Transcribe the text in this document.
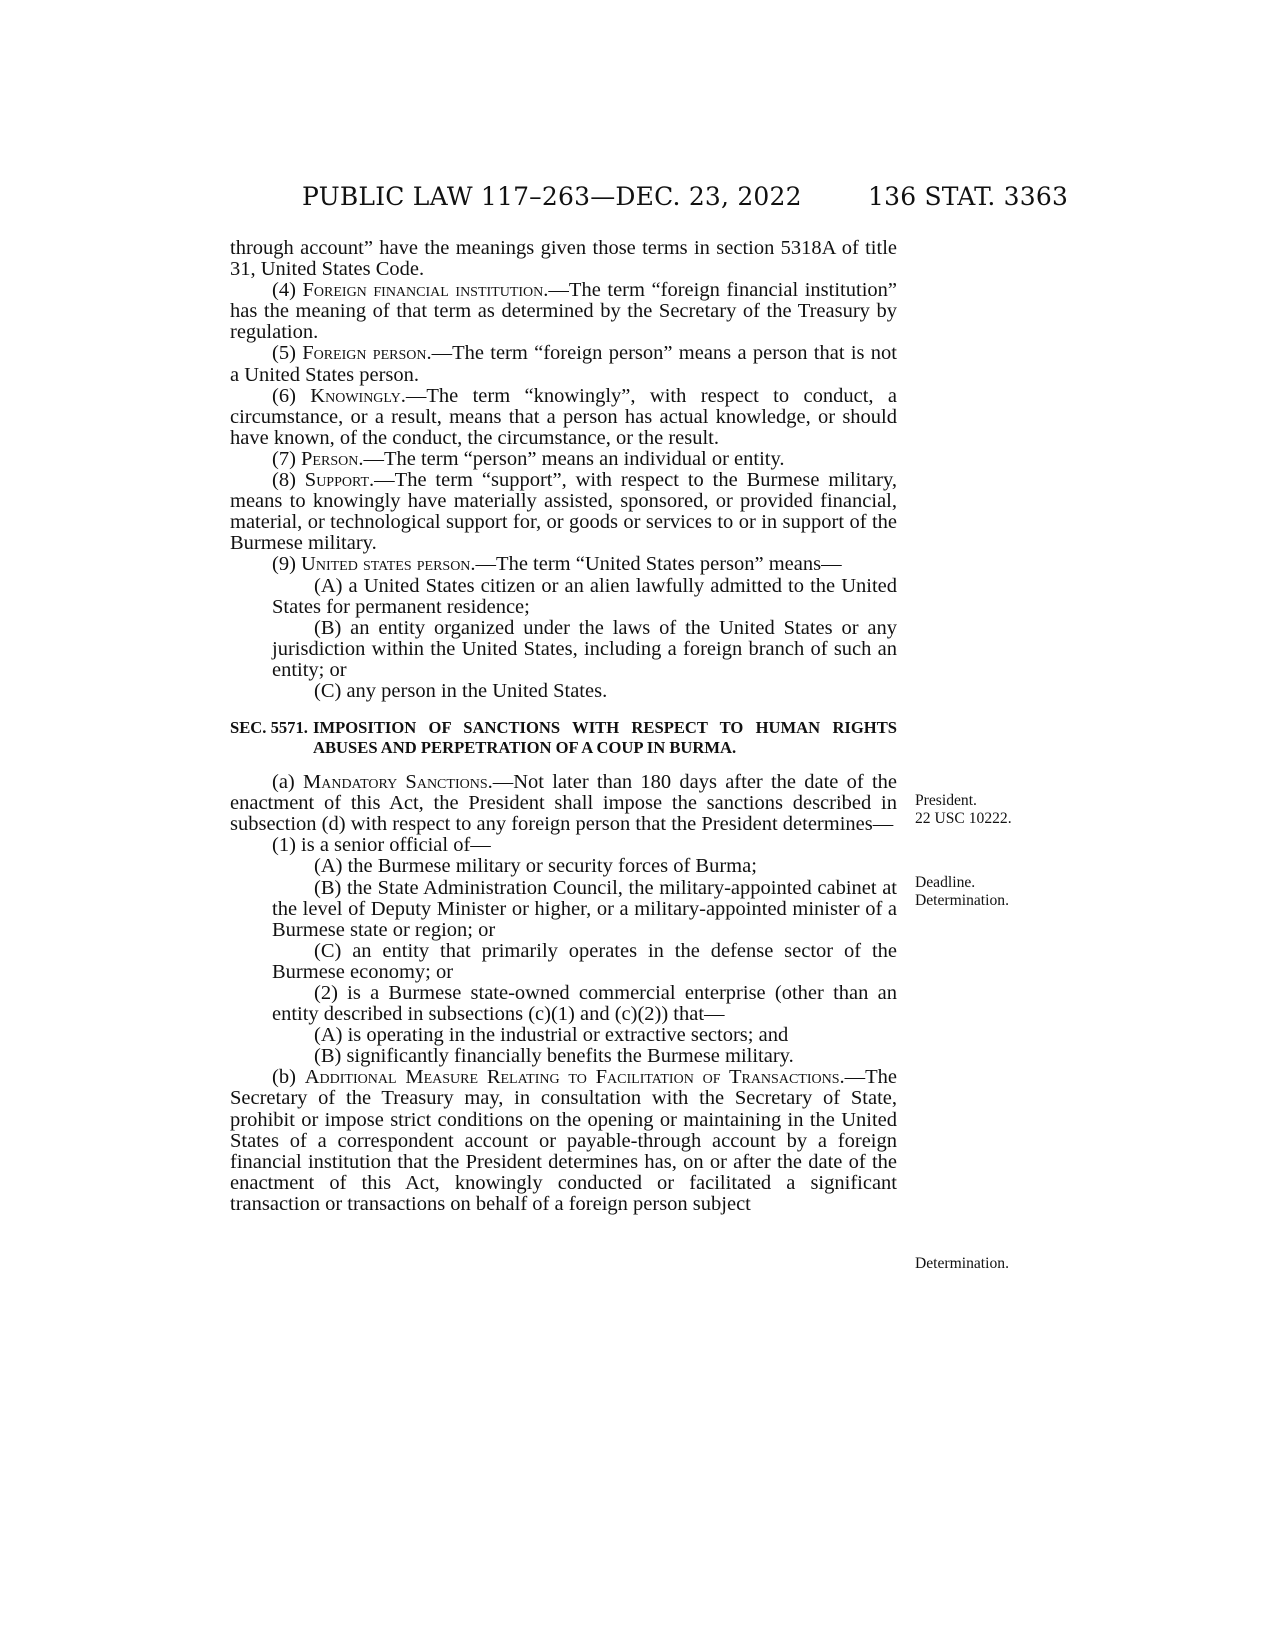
PUBLIC LAW 117–263—DEC. 23, 2022	136 STAT. 3363

through account” have the meanings given those terms in section 5318A of title 31, United States Code.

(4) Foreign financial institution.—The term “foreign financial institution” has the meaning of that term as determined by the Secretary of the Treasury by regulation.

(5) Foreign person.—The term “foreign person” means a person that is not a United States person.

(6) Knowingly.—The term “knowingly”, with respect to conduct, a circumstance, or a result, means that a person has actual knowledge, or should have known, of the conduct, the circumstance, or the result.

(7) Person.—The term “person” means an individual or entity.

(8) Support.—The term “support”, with respect to the Burmese military, means to knowingly have materially assisted, sponsored, or provided financial, material, or technological support for, or goods or services to or in support of the Burmese military.

(9) United states person.—The term “United States person” means—

(A) a United States citizen or an alien lawfully admitted to the United States for permanent residence;

(B) an entity organized under the laws of the United States or any jurisdiction within the United States, including a foreign branch of such an entity; or

(C) any person in the United States.

SEC. 5571. IMPOSITION OF SANCTIONS WITH RESPECT TO HUMAN RIGHTS ABUSES AND PERPETRATION OF A COUP IN BURMA.

(a) Mandatory Sanctions.—Not later than 180 days after the date of the enactment of this Act, the President shall impose the sanctions described in subsection (d) with respect to any foreign person that the President determines—

(1) is a senior official of—

(A) the Burmese military or security forces of Burma;

(B) the State Administration Council, the military-appointed cabinet at the level of Deputy Minister or higher, or a military-appointed minister of a Burmese state or region; or

(C) an entity that primarily operates in the defense sector of the Burmese economy; or

(2) is a Burmese state-owned commercial enterprise (other than an entity described in subsections (c)(1) and (c)(2)) that—

(A) is operating in the industrial or extractive sectors; and

(B) significantly financially benefits the Burmese military.

(b) Additional Measure Relating to Facilitation of Transactions.—The Secretary of the Treasury may, in consultation with the Secretary of State, prohibit or impose strict conditions on the opening or maintaining in the United States of a correspondent account or payable-through account by a foreign financial institution that the President determines has, on or after the date of the enactment of this Act, knowingly conducted or facilitated a significant transaction or transactions on behalf of a foreign person subject

President.
22 USC 10222.
Deadline.
Determination.
Determination.
